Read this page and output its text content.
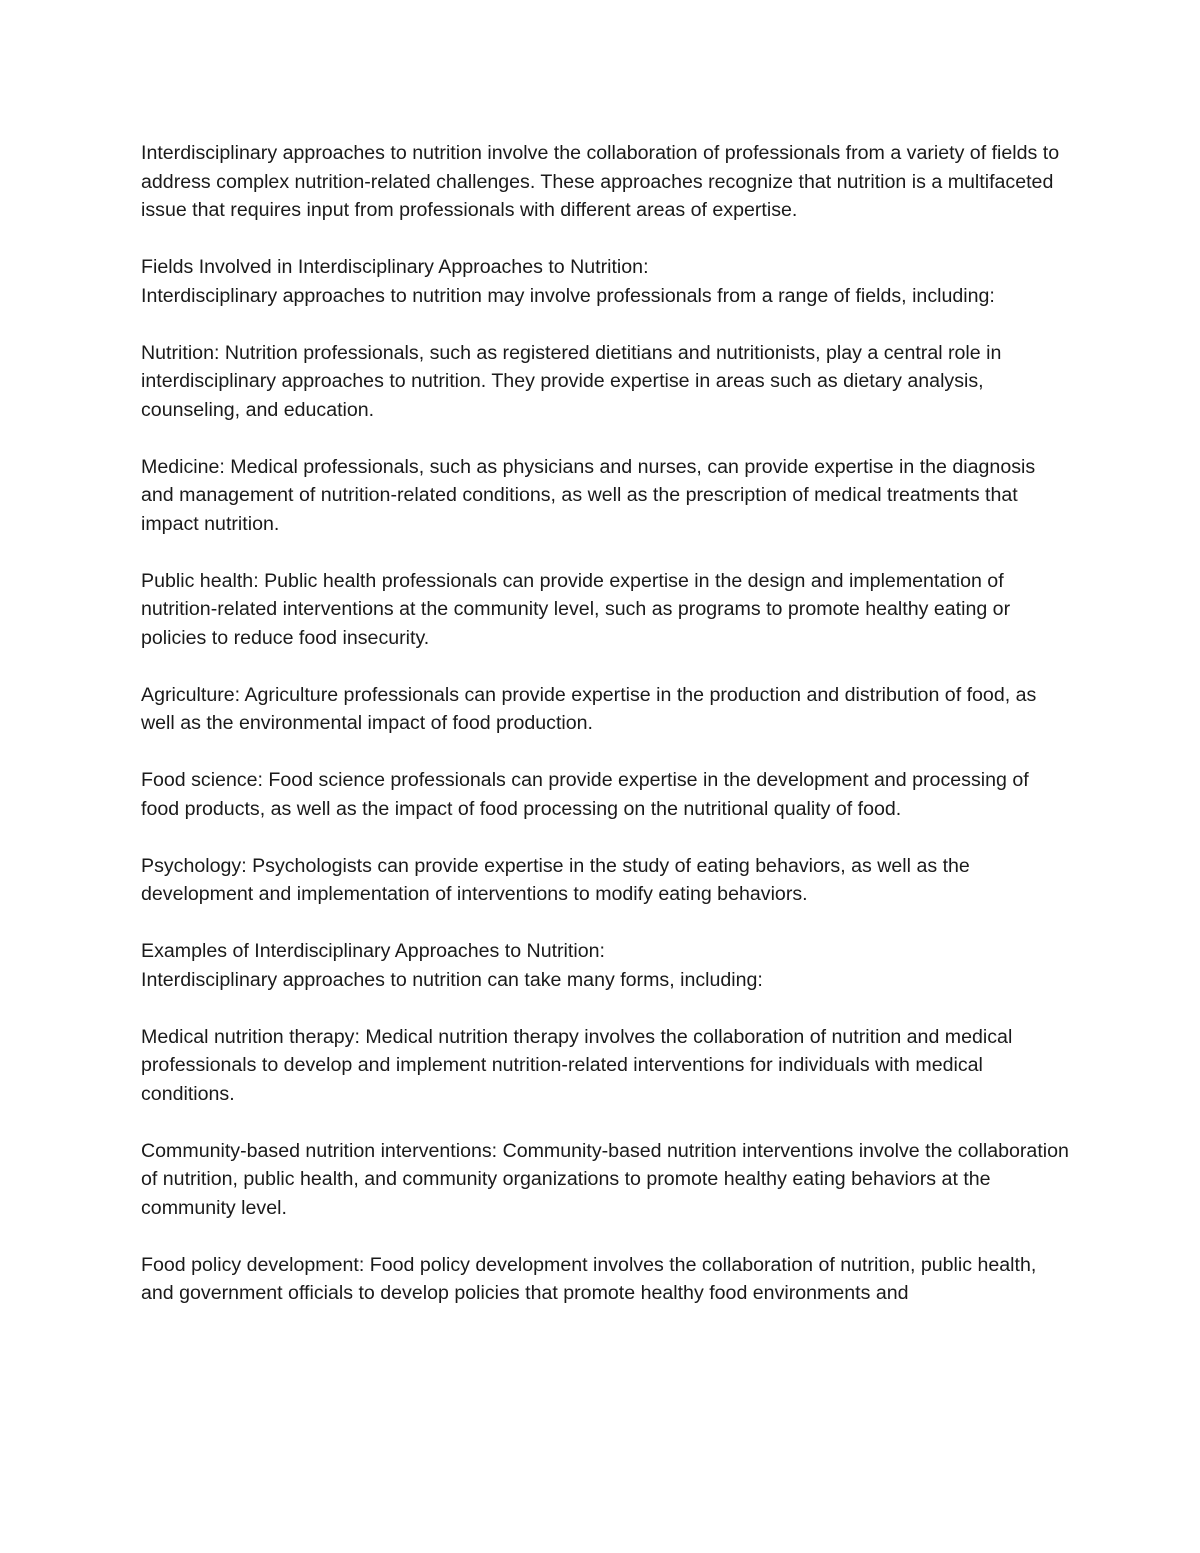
Interdisciplinary approaches to nutrition involve the collaboration of professionals from a variety of fields to address complex nutrition-related challenges. These approaches recognize that nutrition is a multifaceted issue that requires input from professionals with different areas of expertise.

Fields Involved in Interdisciplinary Approaches to Nutrition:

Interdisciplinary approaches to nutrition may involve professionals from a range of fields, including:

Nutrition: Nutrition professionals, such as registered dietitians and nutritionists, play a central role in interdisciplinary approaches to nutrition. They provide expertise in areas such as dietary analysis, counseling, and education.

Medicine: Medical professionals, such as physicians and nurses, can provide expertise in the diagnosis and management of nutrition-related conditions, as well as the prescription of medical treatments that impact nutrition.

Public health: Public health professionals can provide expertise in the design and implementation of nutrition-related interventions at the community level, such as programs to promote healthy eating or policies to reduce food insecurity.

Agriculture: Agriculture professionals can provide expertise in the production and distribution of food, as well as the environmental impact of food production.

Food science: Food science professionals can provide expertise in the development and processing of food products, as well as the impact of food processing on the nutritional quality of food.

Psychology: Psychologists can provide expertise in the study of eating behaviors, as well as the development and implementation of interventions to modify eating behaviors.

Examples of Interdisciplinary Approaches to Nutrition:

Interdisciplinary approaches to nutrition can take many forms, including:

Medical nutrition therapy: Medical nutrition therapy involves the collaboration of nutrition and medical professionals to develop and implement nutrition-related interventions for individuals with medical conditions.

Community-based nutrition interventions: Community-based nutrition interventions involve the collaboration of nutrition, public health, and community organizations to promote healthy eating behaviors at the community level.

Food policy development: Food policy development involves the collaboration of nutrition, public health, and government officials to develop policies that promote healthy food environments and
